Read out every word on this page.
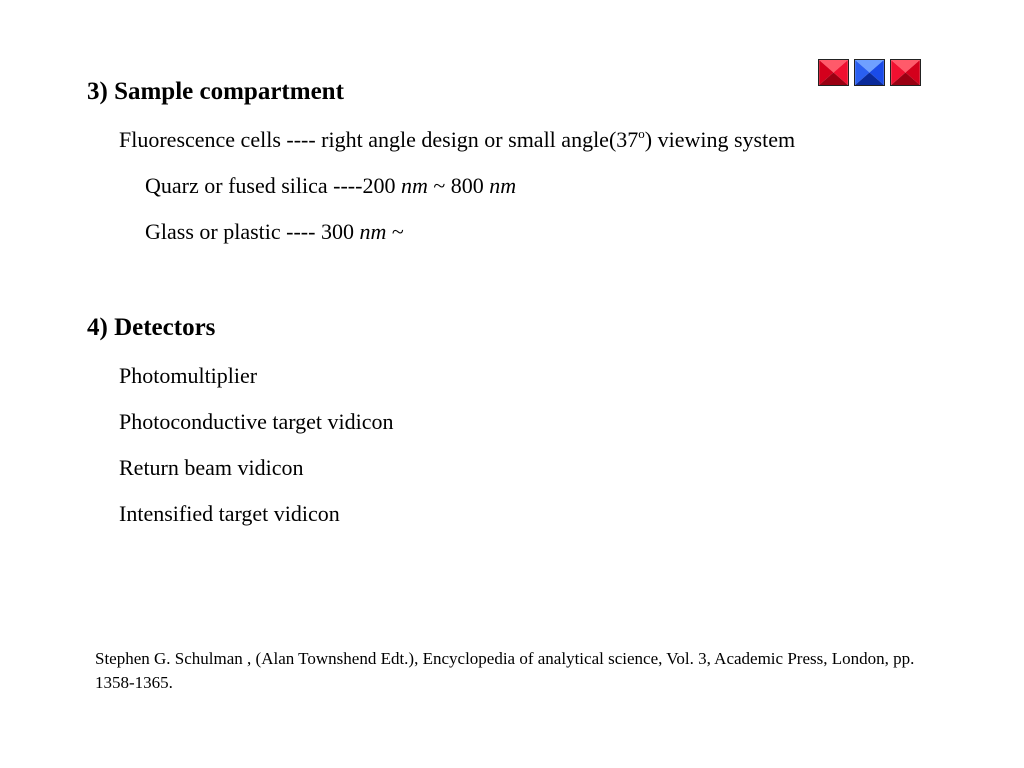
3) Sample compartment
Fluorescence cells ---- right angle design or small angle(37$^o$) viewing system
Quarz or fused silica ----200 nm ~ 800 nm
Glass or plastic ---- 300 nm ~
4) Detectors
Photomultiplier
Photoconductive target vidicon
Return beam vidicon
Intensified target vidicon
Stephen G. Schulman , (Alan Townshend Edt.), Encyclopedia of analytical science, Vol. 3, Academic Press, London, pp. 1358-1365.
